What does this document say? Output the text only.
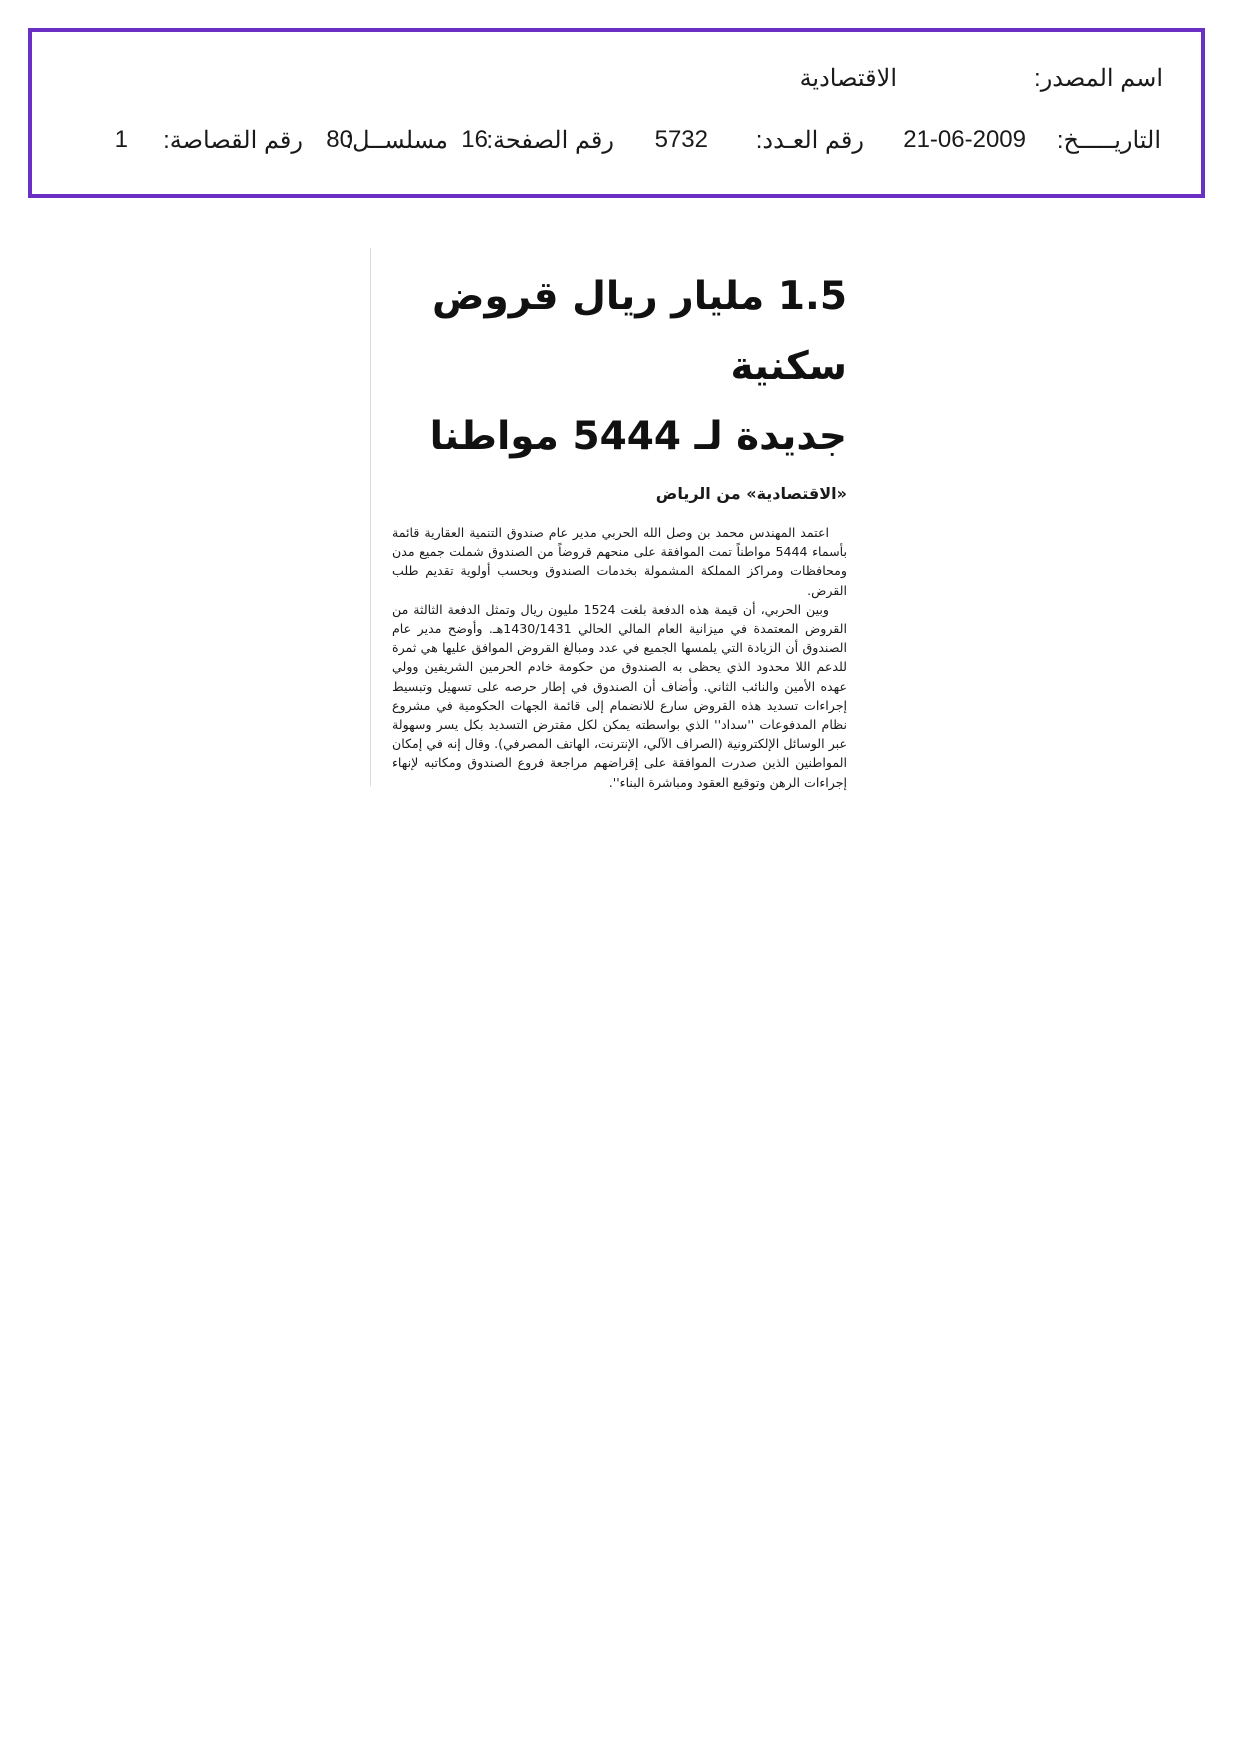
اسم المصدر:
الاقتصادية
التاريـــــخ:
21-06-2009
رقم العـدد:
5732
رقم الصفحة:
16
مسلســل:
80
رقم القصاصة:
1
1.5 مليار ريال قروض سكنية
جديدة لـ 5444 مواطنا
«الاقتصادية» من الرياض

اعتمد المهندس محمد بن وصل الله الحربي مدير عام صندوق التنمية العقارية قائمة بأسماء 5444 مواطناً تمت الموافقة على منحهم قروضاً من الصندوق شملت جميع مدن ومحافظات ومراكز المملكة المشمولة بخدمات الصندوق وبحسب أولوية تقديم طلب القرض.

وبين الحربي، أن قيمة هذه الدفعة بلغت 1524 مليون ريال وتمثل الدفعة الثالثة من القروض المعتمدة في ميزانية العام المالي الحالي 1430/1431هـ. وأوضح مدير عام الصندوق أن الزيادة التي يلمسها الجميع في عدد ومبالغ القروض الموافق عليها هي ثمرة للدعم اللا محدود الذي يحظى به الصندوق من حكومة خادم الحرمين الشريفين وولي عهده الأمين والنائب الثاني. وأضاف أن الصندوق في إطار حرصه على تسهيل وتبسيط إجراءات تسديد هذه القروض سارع للانضمام إلى قائمة الجهات الحكومية في مشروع نظام المدفوعات ''سداد'' الذي بواسطته يمكن لكل مقترض التسديد بكل يسر وسهولة عبر الوسائل الإلكترونية (الصراف الآلي، الإنترنت، الهاتف المصرفي). وقال إنه في إمكان المواطنين الذين صدرت الموافقة على إقراضهم مراجعة فروع الصندوق ومكاتبه لإنهاء إجراءات الرهن وتوقيع العقود ومباشرة البناء''.
